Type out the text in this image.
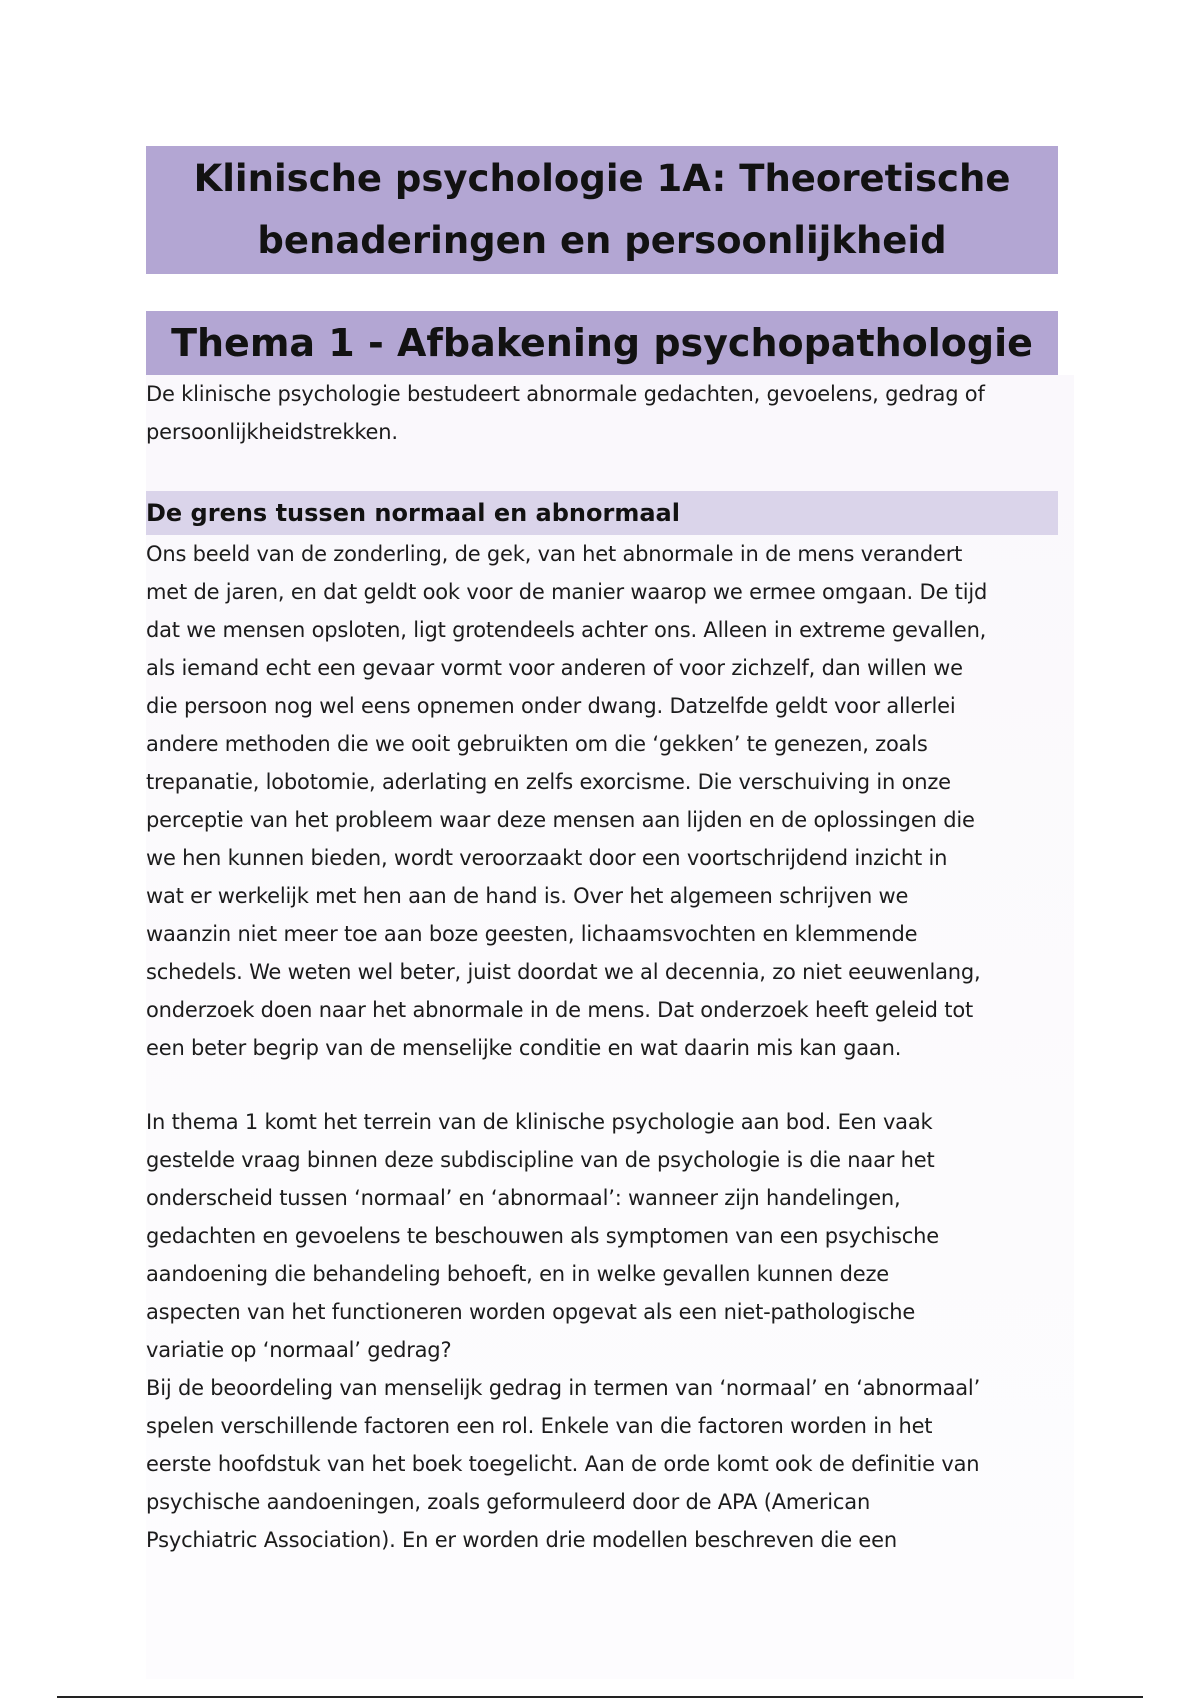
Klinische psychologie 1A: Theoretische
benaderingen en persoonlijkheid
Thema 1 - Afbakening psychopathologie

De klinische psychologie bestudeert abnormale gedachten, gevoelens, gedrag of

persoonlijkheidstrekken.

De grens tussen normaal en abnormaal

Ons beeld van de zonderling, de gek, van het abnormale in de mens verandert

met de jaren, en dat geldt ook voor de manier waarop we ermee omgaan. De tijd

dat we mensen opsloten, ligt grotendeels achter ons. Alleen in extreme gevallen,

als iemand echt een gevaar vormt voor anderen of voor zichzelf, dan willen we

die persoon nog wel eens opnemen onder dwang. Datzelfde geldt voor allerlei

andere methoden die we ooit gebruikten om die ‘gekken’ te genezen, zoals

trepanatie, lobotomie, aderlating en zelfs exorcisme. Die verschuiving in onze

perceptie van het probleem waar deze mensen aan lijden en de oplossingen die

we hen kunnen bieden, wordt veroorzaakt door een voortschrijdend inzicht in

wat er werkelijk met hen aan de hand is. Over het algemeen schrijven we

waanzin niet meer toe aan boze geesten, lichaamsvochten en klemmende

schedels. We weten wel beter, juist doordat we al decennia, zo niet eeuwenlang,

onderzoek doen naar het abnormale in de mens. Dat onderzoek heeft geleid tot

een beter begrip van de menselijke conditie en wat daarin mis kan gaan.

In thema 1 komt het terrein van de klinische psychologie aan bod. Een vaak

gestelde vraag binnen deze subdiscipline van de psychologie is die naar het

onderscheid tussen ‘normaal’ en ‘abnormaal’: wanneer zijn handelingen,

gedachten en gevoelens te beschouwen als symptomen van een psychische

aandoening die behandeling behoeft, en in welke gevallen kunnen deze

aspecten van het functioneren worden opgevat als een niet-pathologische

variatie op ‘normaal’ gedrag?

Bij de beoordeling van menselijk gedrag in termen van ‘normaal’ en ‘abnormaal’

spelen verschillende factoren een rol. Enkele van die factoren worden in het

eerste hoofdstuk van het boek toegelicht. Aan de orde komt ook de definitie van

psychische aandoeningen, zoals geformuleerd door de APA (American

Psychiatric Association). En er worden drie modellen beschreven die een
